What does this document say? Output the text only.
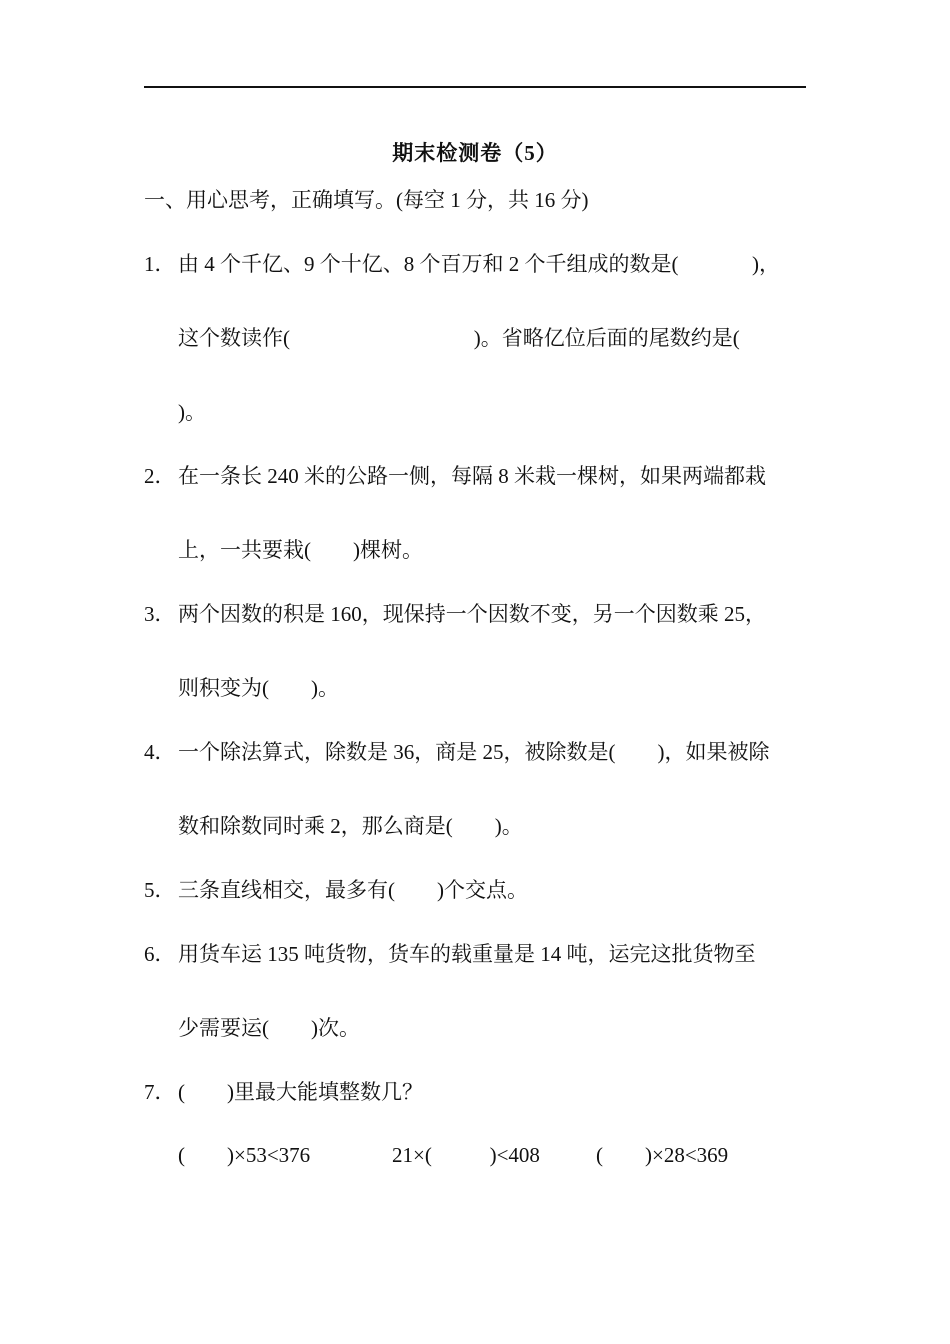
期末检测卷（5）
一、用心思考，正确填写。(每空 1 分，共 16 分)
1． 由 4 个千亿、9 个十亿、8 个百万和 2 个千组成的数是(              )，
这个数读作(                                   )。省略亿位后面的尾数约是(
)。
2． 在一条长 240 米的公路一侧，每隔 8 米栽一棵树，如果两端都栽
上，一共要栽(        )棵树。
3． 两个因数的积是 160，现保持一个因数不变，另一个因数乘 25，
则积变为(        )。
4． 一个除法算式，除数是 36，商是 25，被除数是(        )，如果被除
数和除数同时乘 2，那么商是(        )。
5． 三条直线相交，最多有(        )个交点。
6． 用货车运 135 吨货物，货车的载重量是 14 吨，运完这批货物至
少需要运(        )次。
7． (        )里最大能填整数几？
(        )×53<376	21×(           )<408	(        )×28<369
